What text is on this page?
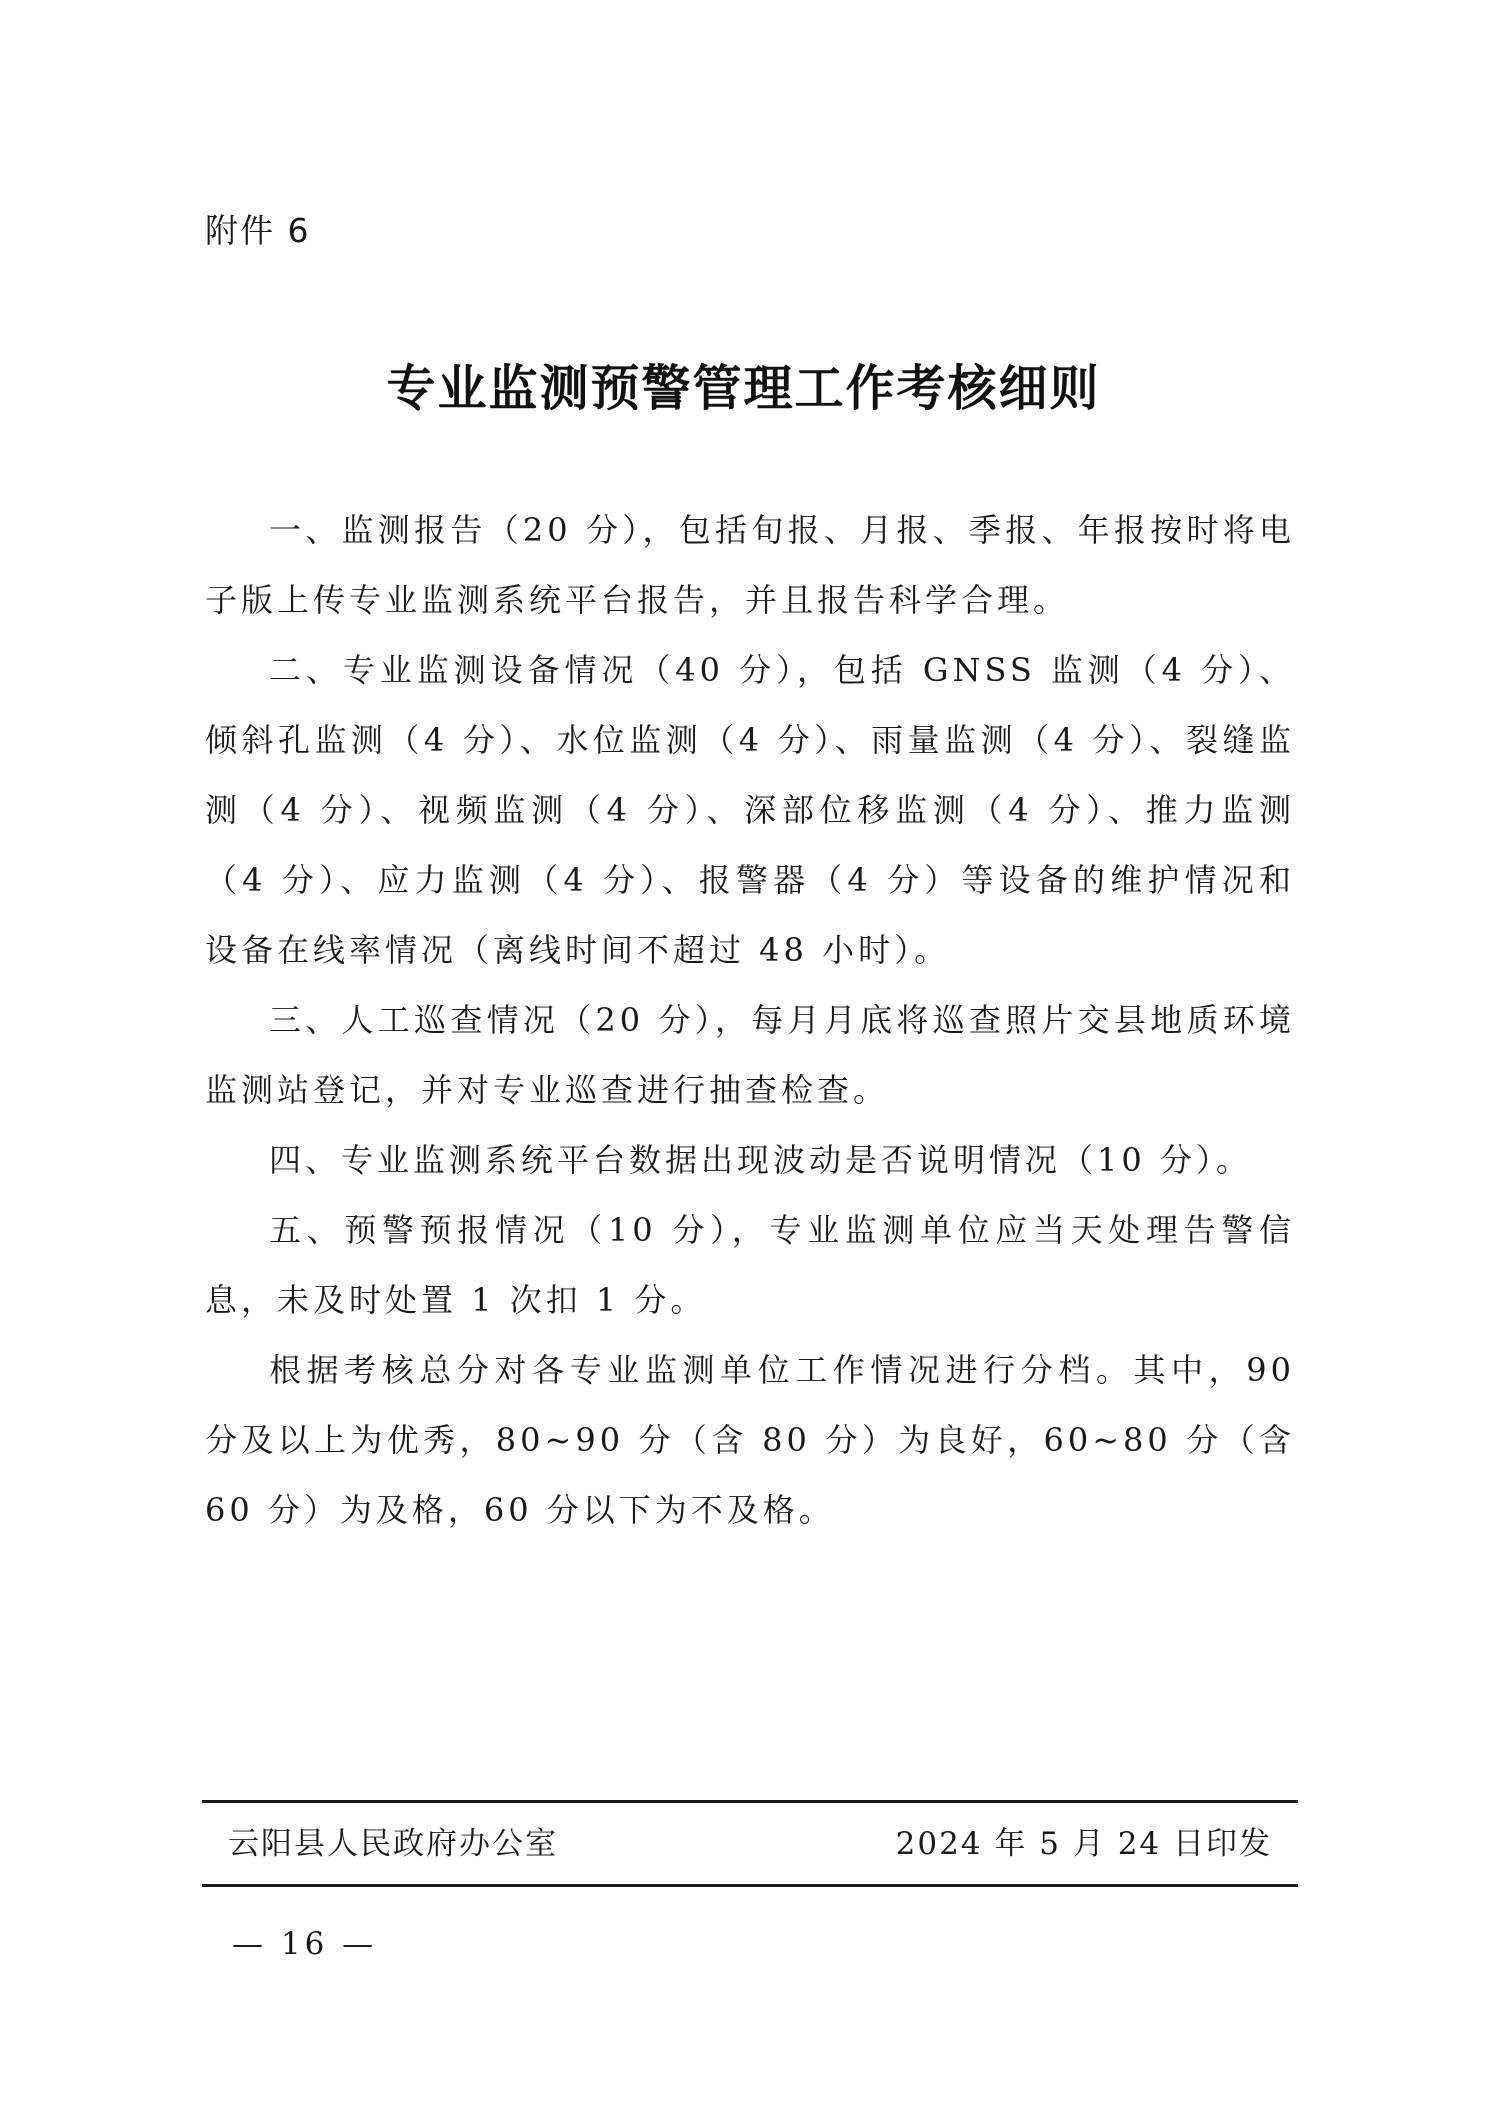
附件 6
专业监测预警管理工作考核细则

一、监测报告（20 分），包括旬报、月报、季报、年报按时将电子版上传专业监测系统平台报告，并且报告科学合理。

二、专业监测设备情况（40 分），包括 GNSS 监测（4 分）、倾斜孔监测（4 分）、水位监测（4 分）、雨量监测（4 分）、裂缝监测（4 分）、视频监测（4 分）、深部位移监测（4 分）、推力监测（4 分）、应力监测（4 分）、报警器（4 分）等设备的维护情况和设备在线率情况（离线时间不超过 48 小时）。

三、人工巡查情况（20 分），每月月底将巡查照片交县地质环境监测站登记，并对专业巡查进行抽查检查。

四、专业监测系统平台数据出现波动是否说明情况（10 分）。

五、预警预报情况（10 分），专业监测单位应当天处理告警信息，未及时处置 1 次扣 1 分。

根据考核总分对各专业监测单位工作情况进行分档。其中，90 分及以上为优秀，80~90 分（含 80 分）为良好，60~80 分（含 60 分）为及格，60 分以下为不及格。

云阳县人民政府办公室	2024 年 5 月 24 日印发
— 16 —
